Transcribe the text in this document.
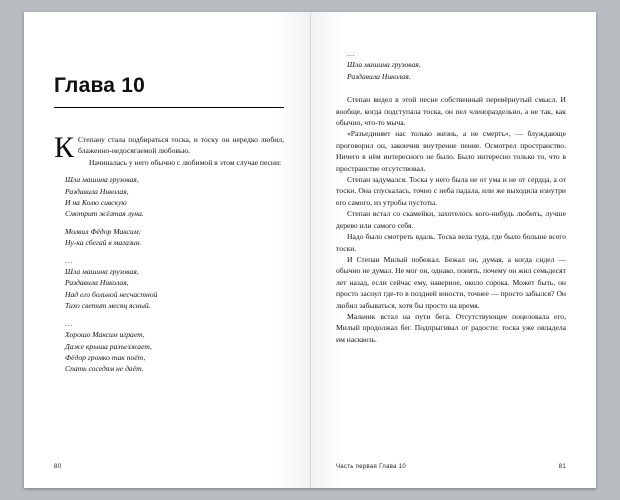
Глава 10

К Степану стала подбираться тоска, и тоску он нередко любил, блаженно-недосягаемой любовью.

Начиналась у него обычно с любимой в этом случае песни:

Шла машина грузовая,
Раздавила Николая,
И на Колю сивскую
Смотрит жёлтая луна.
Молвил Фёдор Максим:
Ну-ка сбегай в магазин.
...
Шла машина грузовая,
Раздавила Николая,
Над его больной несчастной
Тихо светит месяц ясный.
...
Хорошо Максим играет,
Даже крыша разъезжает,
Фёдор громко так поёт,
Спать соседям не даёт.
80
...
Шла машина грузовая,
Раздавила Николая.

Степан видел в этой песне собственный перевёрнутый смысл. И вообще, когда подступала тоска, он пел членораздельно, а не так, как обычно, что-то мыча.

«Разъединяет нас только жизнь, а не смерть», — блуждающе проговорил он, закончив внутренне пение. Осмотрел пространство. Ничего в нём интересного не было. Было интересно только то, что в пространстве отсутствовал.

Степан задумался. Тоска у него была не от ума и не от сердца, а от тоски. Она спускалась, точно с неба падала, или же выходила изнутри его самого, из утробы пустоты.

Степан встал со скамейки, захотелось кого-нибудь любить, лучше дерево или самого себя.

Надо было смотреть вдаль. Тоска вела туда, где было больше всего тоски.

И Степан Милый побежал. Бежал он, думая, а когда сидел — обычно не думал. Не мог он, однако, понять, почему он жил семьдесят лет назад, если сейчас ему, наверное, около сорока. Может быть, он просто заснул где-то в поздней юности, точнее — просто забылся? Он любил забываться, хотя бы просто на время.

Мальчик встал на пути бега. Отсутствующее поцеловала его, Милый продолжал бег. Подпрыгивал от радости: тоска уже овладела им насквозь.

Часть первая Глава 10	81
